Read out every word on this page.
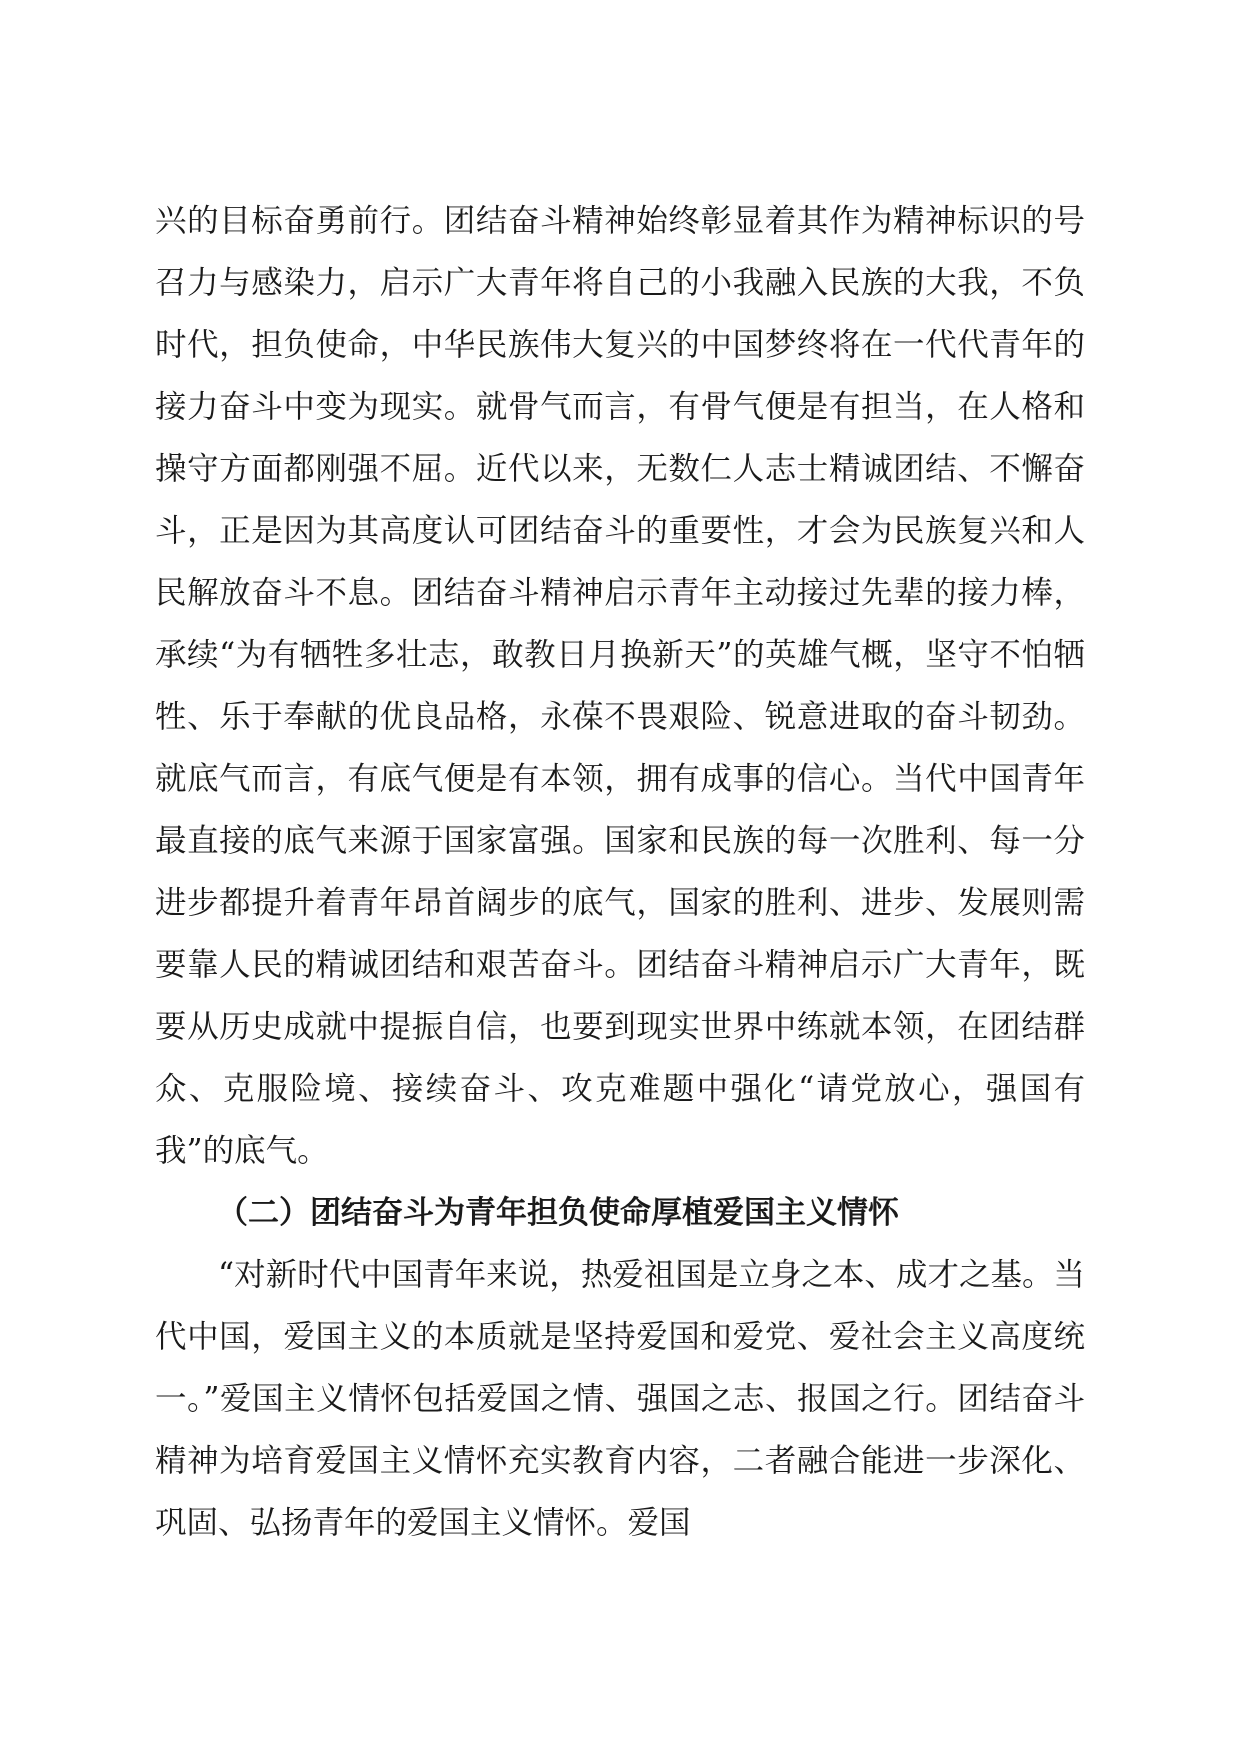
兴的目标奋勇前行。团结奋斗精神始终彰显着其作为精神标识的号召力与感染力，启示广大青年将自己的小我融入民族的大我，不负时代，担负使命，中华民族伟大复兴的中国梦终将在一代代青年的接力奋斗中变为现实。就骨气而言，有骨气便是有担当，在人格和操守方面都刚强不屈。近代以来，无数仁人志士精诚团结、不懈奋斗，正是因为其高度认可团结奋斗的重要性，才会为民族复兴和人民解放奋斗不息。团结奋斗精神启示青年主动接过先辈的接力棒，承续“为有牺牲多壮志，敢教日月换新天”的英雄气概，坚守不怕牺牲、乐于奉献的优良品格，永葆不畏艰险、锐意进取的奋斗韧劲。就底气而言，有底气便是有本领，拥有成事的信心。当代中国青年最直接的底气来源于国家富强。国家和民族的每一次胜利、每一分进步都提升着青年昂首阔步的底气，国家的胜利、进步、发展则需要靠人民的精诚团结和艰苦奋斗。团结奋斗精神启示广大青年，既要从历史成就中提振自信，也要到现实世界中练就本领，在团结群众、克服险境、接续奋斗、攻克难题中强化“请党放心，强国有我”的底气。

（二）团结奋斗为青年担负使命厚植爱国主义情怀

“对新时代中国青年来说，热爱祖国是立身之本、成才之基。当代中国，爱国主义的本质就是坚持爱国和爱党、爱社会主义高度统一。”爱国主义情怀包括爱国之情、强国之志、报国之行。团结奋斗精神为培育爱国主义情怀充实教育内容，二者融合能进一步深化、巩固、弘扬青年的爱国主义情怀。爱国
